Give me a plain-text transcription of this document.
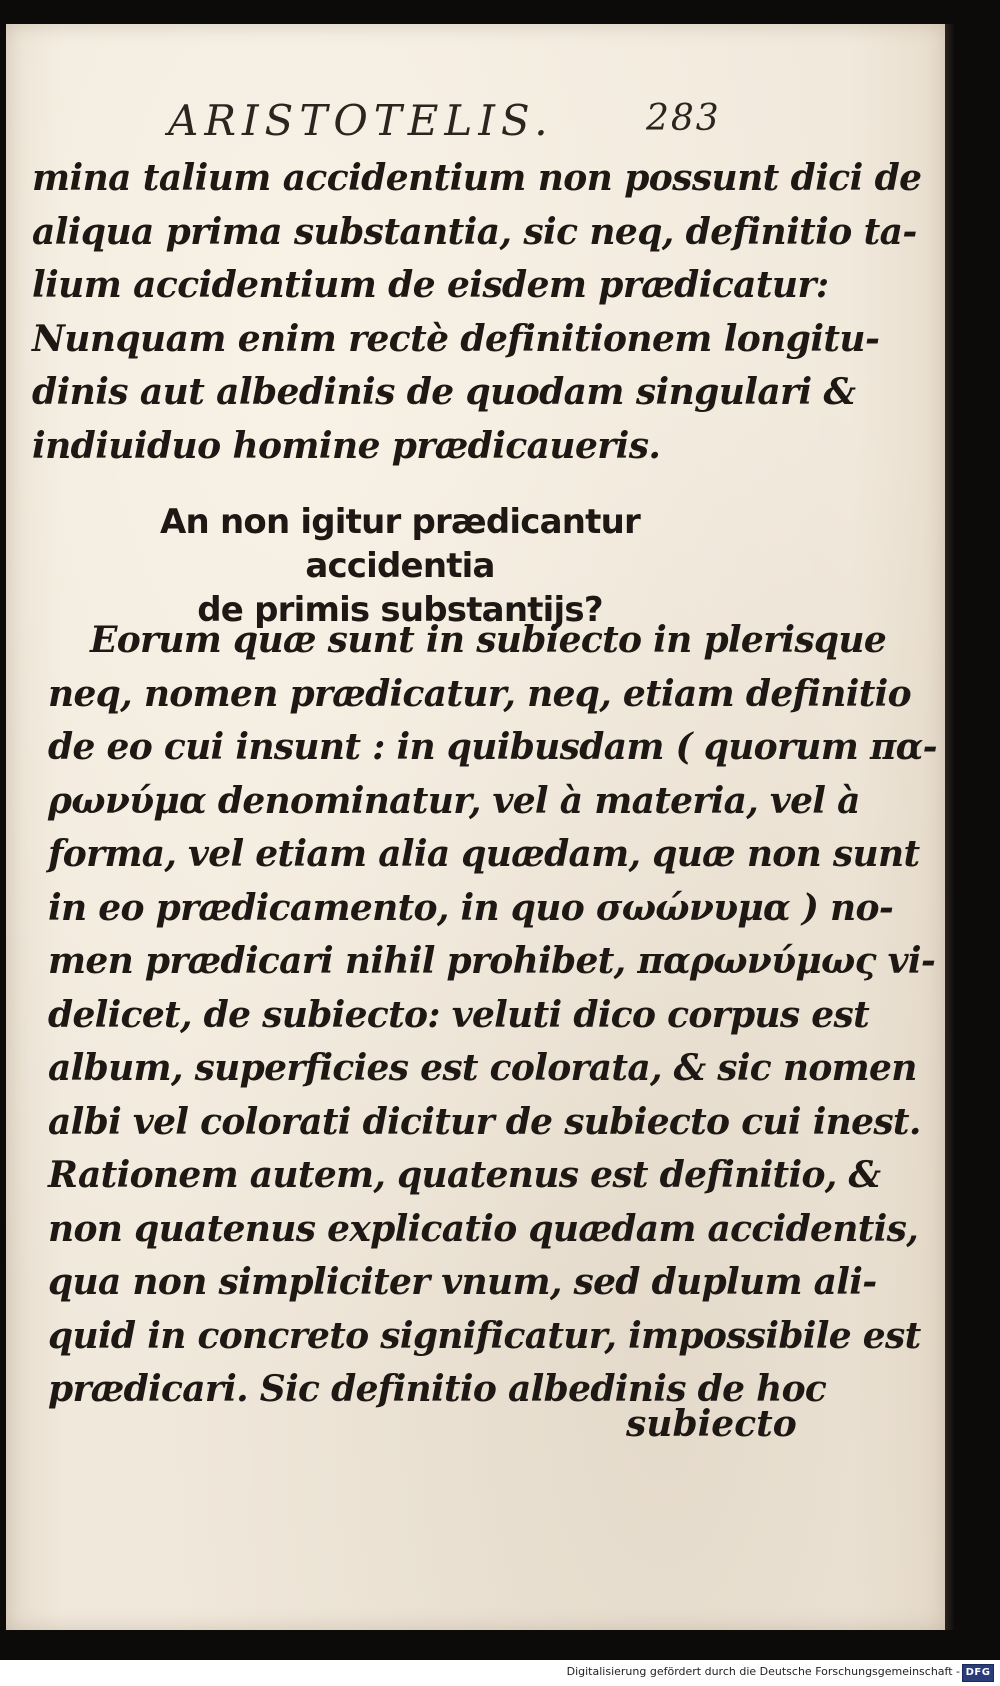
ARISTOTELIS.	283
mina talium accidentium non possunt dici de
aliqua prima substantia, sic neq, definitio ta-
lium accidentium de eisdem prædicatur:
Nunquam enim rectè definitionem longitu-
dinis aut albedinis de quodam singulari &
indiuiduo homine prædicaueris.
An non igitur prædicantur accidentia
de primis substantijs?
Eorum quæ sunt in subiecto in plerisque
neq, nomen prædicatur, neq, etiam definitio
de eo cui insunt : in quibusdam ( quorum πα-
ρωνύμα denominatur, vel à materia, vel à
forma, vel etiam alia quædam, quæ non sunt
in eo prædicamento, in quo σωώνυμα ) no-
men prædicari nihil prohibet, παρωνύμως vi-
delicet, de subiecto: veluti dico corpus est
album, superficies est colorata, & sic nomen
albi vel colorati dicitur de subiecto cui inest.
Rationem autem, quatenus est definitio, &
non quatenus explicatio quædam accidentis,
qua non simpliciter vnum, sed duplum ali-
quid in concreto significatur, impossibile est
prædicari. Sic definitio albedinis de hoc
subiecto
Digitalisierung gefördert durch die Deutsche Forschungsgemeinschaft - DFG
